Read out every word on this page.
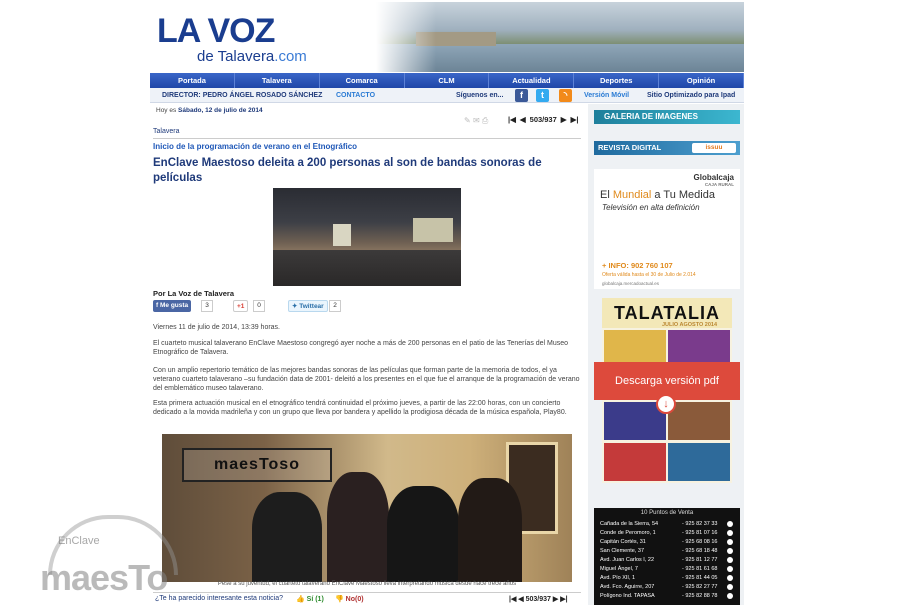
LA VOZ
de Talavera.com
Portada	Talavera	Comarca	CLM	Actualidad	Deportes	Opinión
DIRECTOR: PEDRO ÁNGEL ROSADO SÁNCHEZ CONTACTO	Síguenos en...	f	t	◝	Versión Móvil	Sitio Optimizado para Ipad
Hoy es Sábado, 12 de julio de 2014
✎ ✉ ⎙	|◀ ◀ 503/937 ▶ ▶|
Talavera
Inicio de la programación de verano en el Etnográfico
EnClave Maestoso deleita a 200 personas al son de bandas sonoras de películas
Por La Voz de Talavera
f Me gusta	3	+1	0	✦ Twittear	2
Viernes 11 de julio de 2014, 13:39 horas.
El cuarteto musical talaverano EnClave Maestoso congregó ayer noche a más de 200 personas en el patio de las Tenerías del Museo Etnográfico de Talavera.
Con un amplio repertorio temático de las mejores bandas sonoras de las películas que forman parte de la memoria de todos, el ya veterano cuarteto talaverano –su fundación data de 2001- deleitó a los presentes en el que fue el arranque de la programación de verano del emblemático museo talaverano.
Esta primera actuación musical en el etnográfico tendrá continuidad el próximo jueves, a partir de las 22:00 horas, con un concierto dedicado a la movida madrileña y con un grupo que lleva por bandera y apellido la prodigiosa década de la música española, Play80.
maesToso
Pese a su juventud, el cuarteto talaverano EnClave Maestoso lleva interpretando música desde hace trece años
¿Te ha parecido interesante esta noticia? 👍 Sí (1) 👎 No(0)	|◀ ◀ 503/937 ▶ ▶|
EnClave
maesTo
GALERIA DE IMAGENES
REVISTA DIGITAL	issuu
Globalcaja
CAJA RURAL
El Mundial a Tu Medida
Televisión en alta definición
+ INFO: 902 760 107
Oferta válida hasta el 30 de Julio de 2.014
globalcaja.mercadoactual.es
TALATALIA
JULIO AGOSTO 2014
Descarga versión pdf
↓
10 Puntos de Venta
Cañada de la Sierra, 54	- 925 82 37 33
Conde de Peromoro, 1	- 925 81 07 16
Capitán Cortés, 31	- 925 68 08 16
San Clemente, 37	- 925 68 18 48
Avd. Juan Carlos I, 22	- 925 81 12 77
Miguel Ángel, 7	- 925 81 61 68
Avd. Pío XII, 1	- 925 81 44 05
Avd. Fco. Aguirre, 207	- 925 82 27 77
Polígono Ind. TAPASA	- 925 82 88 78
